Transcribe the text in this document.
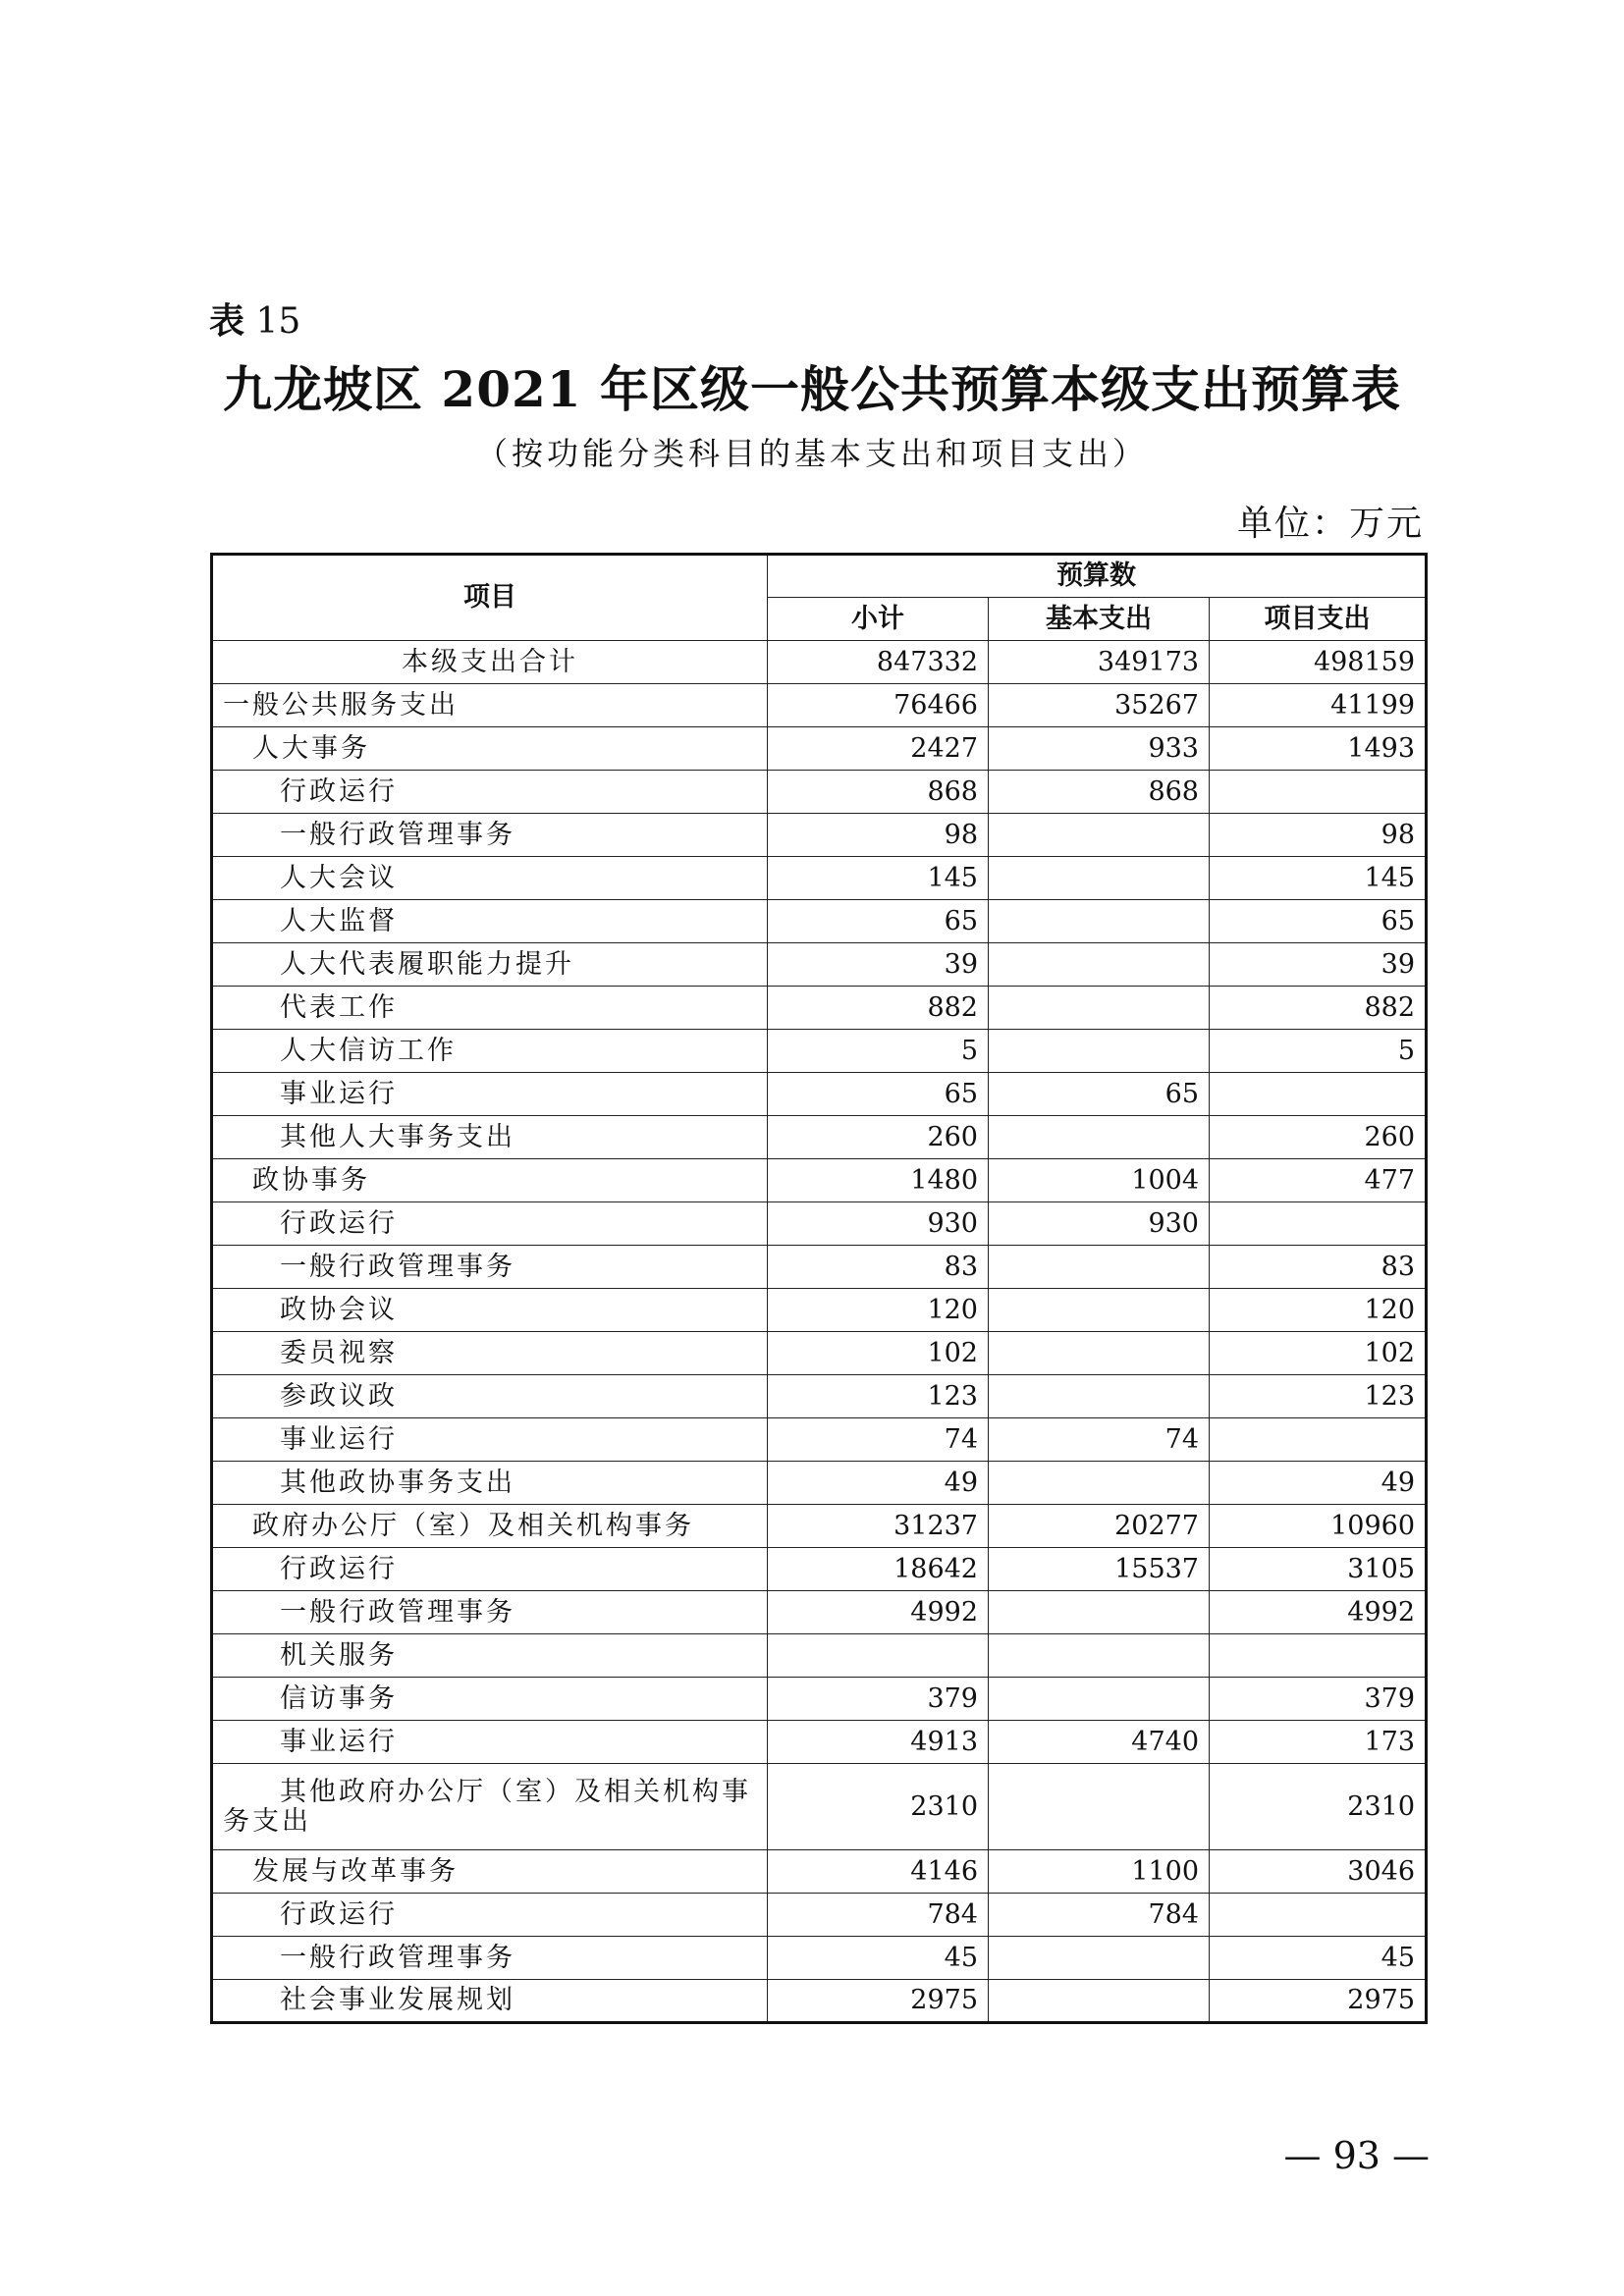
表 15
九龙坡区 2021 年区级一般公共预算本级支出预算表
（按功能分类科目的基本支出和项目支出）
单位：万元
项目	预算数		
	小计	基本支出	项目支出
本级支出合计	847332	349173	498159
一般公共服务支出	76466	35267	41199
人大事务	2427	933	1493
行政运行	868	868	
一般行政管理事务	98		98
人大会议	145		145
人大监督	65		65
人大代表履职能力提升	39		39
代表工作	882		882
人大信访工作	5		5
事业运行	65	65	
其他人大事务支出	260		260
政协事务	1480	1004	477
行政运行	930	930	
一般行政管理事务	83		83
政协会议	120		120
委员视察	102		102
参政议政	123		123
事业运行	74	74	
其他政协事务支出	49		49
政府办公厅（室）及相关机构事务	31237	20277	10960
行政运行	18642	15537	3105
一般行政管理事务	4992		4992
机关服务			
信访事务	379		379
事业运行	4913	4740	173
其他政府办公厅（室）及相关机构事务支出	2310		2310
发展与改革事务	4146	1100	3046
行政运行	784	784	
一般行政管理事务	45		45
社会事业发展规划	2975		2975
— 93 —
